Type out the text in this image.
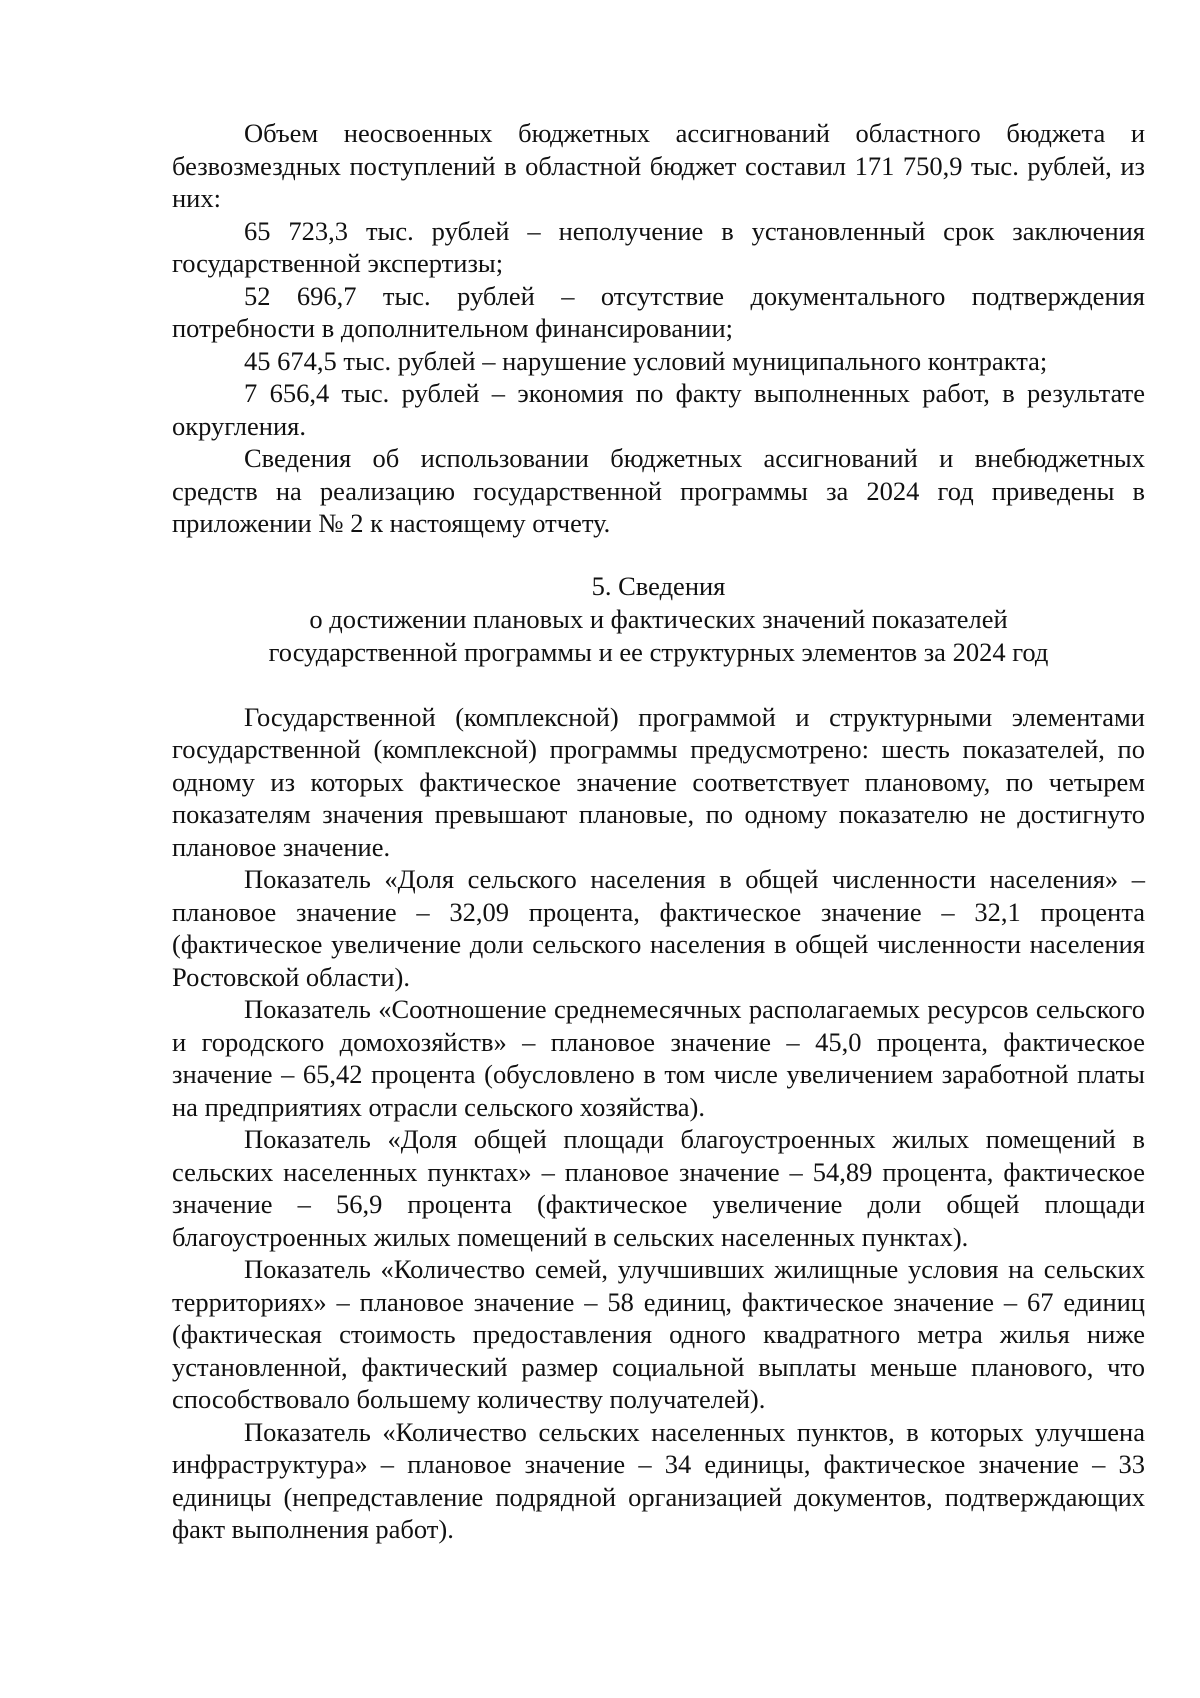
Объем неосвоенных бюджетных ассигнований областного бюджета и безвозмездных поступлений в областной бюджет составил 171 750,9 тыс. рублей, из них:

65 723,3 тыс. рублей – неполучение в установленный срок заключения государственной экспертизы;

52 696,7 тыс. рублей – отсутствие документального подтверждения потребности в дополнительном финансировании;

45 674,5 тыс. рублей – нарушение условий муниципального контракта;

7 656,4 тыс. рублей – экономия по факту выполненных работ, в результате округления.

Сведения об использовании бюджетных ассигнований и внебюджетных средств на реализацию государственной программы за 2024 год приведены в приложении № 2 к настоящему отчету.

5. Сведения
о достижении плановых и фактических значений показателей
государственной программы и ее структурных элементов за 2024 год

Государственной (комплексной) программой и структурными элементами государственной (комплексной) программы предусмотрено: шесть показателей, по одному из которых фактическое значение соответствует плановому, по четырем показателям значения превышают плановые, по одному показателю не достигнуто плановое значение.

Показатель «Доля сельского населения в общей численности населения» – плановое значение – 32,09 процента, фактическое значение – 32,1 процента (фактическое увеличение доли сельского населения в общей численности населения Ростовской области).

Показатель «Соотношение среднемесячных располагаемых ресурсов сельского и городского домохозяйств» – плановое значение – 45,0 процента, фактическое значение – 65,42 процента (обусловлено в том числе увеличением заработной платы на предприятиях отрасли сельского хозяйства).

Показатель «Доля общей площади благоустроенных жилых помещений в сельских населенных пунктах» – плановое значение – 54,89 процента, фактическое значение – 56,9 процента (фактическое увеличение доли общей площади благоустроенных жилых помещений в сельских населенных пунктах).

Показатель «Количество семей, улучшивших жилищные условия на сельских территориях» – плановое значение – 58 единиц, фактическое значение – 67 единиц (фактическая стоимость предоставления одного квадратного метра жилья ниже установленной, фактический размер социальной выплаты меньше планового, что способствовало большему количеству получателей).

Показатель «Количество сельских населенных пунктов, в которых улучшена инфраструктура» – плановое значение – 34 единицы, фактическое значение – 33 единицы (непредставление подрядной организацией документов, подтверждающих факт выполнения работ).
